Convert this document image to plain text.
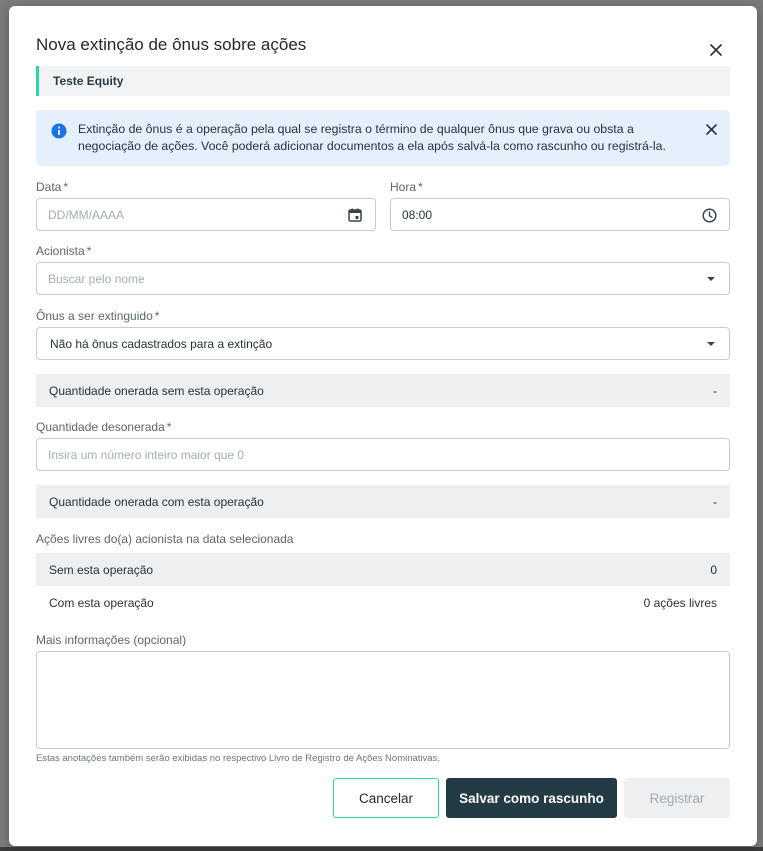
Nova extinção de ônus sobre ações
Teste Equity

Extinção de ônus é a operação pela qual se registra o término de qualquer ônus que grava ou obsta a negociação de ações. Você poderá adicionar documentos a ela após salvá-la como rascunho ou registrá-la.

Data *
DD/MM/AAAA
Hora *
08:00
Acionista *
Buscar pelo nome
Ônus a ser extinguido *
Não há ônus cadastrados para a extinção
Quantidade onerada sem esta operação	-
Quantidade desonerada *
Insira um número inteiro maior que 0
Quantidade onerada com esta operação	-
Ações livres do(a) acionista na data selecionada
Sem esta operação	0
Com esta operação	0 ações livres
Mais informações (opcional)
Estas anotações também serão exibidas no respectivo Livro de Registro de Ações Nominativas.
Cancelar	Salvar como rascunho	Registrar
